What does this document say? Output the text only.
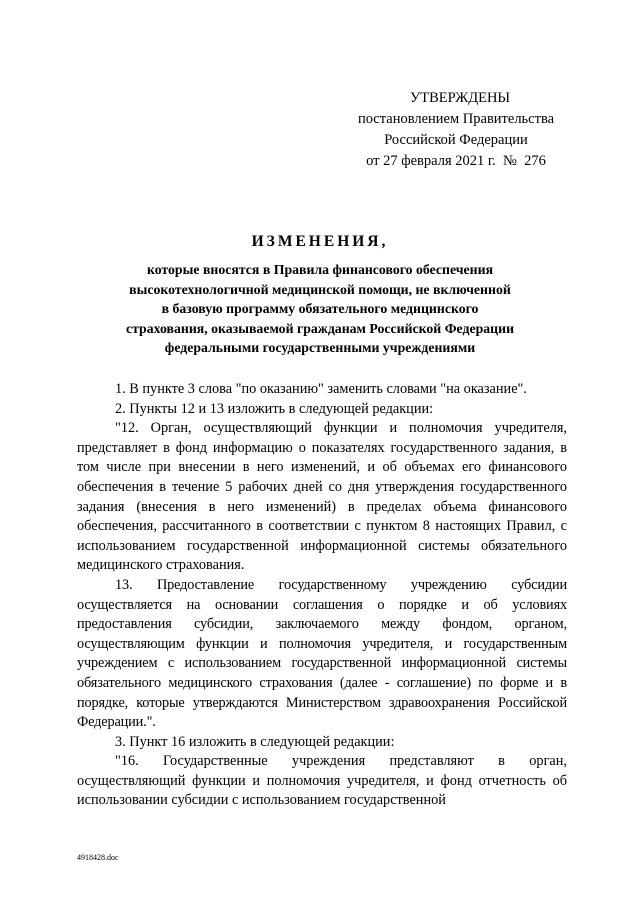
УТВЕРЖДЕНЫ
постановлением Правительства
Российской Федерации
от 27 февраля 2021 г.  №  276
ИЗМЕНЕНИЯ,
которые вносятся в Правила финансового обеспечения
высокотехнологичной медицинской помощи, не включенной
в базовую программу обязательного медицинского
страхования, оказываемой гражданам Российской Федерации
федеральными государственными учреждениями

1. В пункте 3 слова "по оказанию" заменить словами "на оказание".

2. Пункты 12 и 13 изложить в следующей редакции:

"12. Орган, осуществляющий функции и полномочия учредителя, представляет в фонд информацию о показателях государственного задания, в том числе при внесении в него изменений, и об объемах его финансового обеспечения в течение 5 рабочих дней со дня утверждения государственного задания (внесения в него изменений) в пределах объема финансового обеспечения, рассчитанного в соответствии с пунктом 8 настоящих Правил, с использованием государственной информационной системы обязательного медицинского страхования.

13. Предоставление государственному учреждению субсидии осуществляется на основании соглашения о порядке и об условиях предоставления субсидии, заключаемого между фондом, органом, осуществляющим функции и полномочия учредителя, и государственным учреждением с использованием государственной информационной системы обязательного медицинского страхования (далее - соглашение) по форме и в порядке, которые утверждаются Министерством здравоохранения Российской Федерации.".

3. Пункт 16 изложить в следующей редакции:

"16. Государственные учреждения представляют в орган, осуществляющий функции и полномочия учредителя, и фонд отчетность об использовании субсидии с использованием государственной

4918428.doc
